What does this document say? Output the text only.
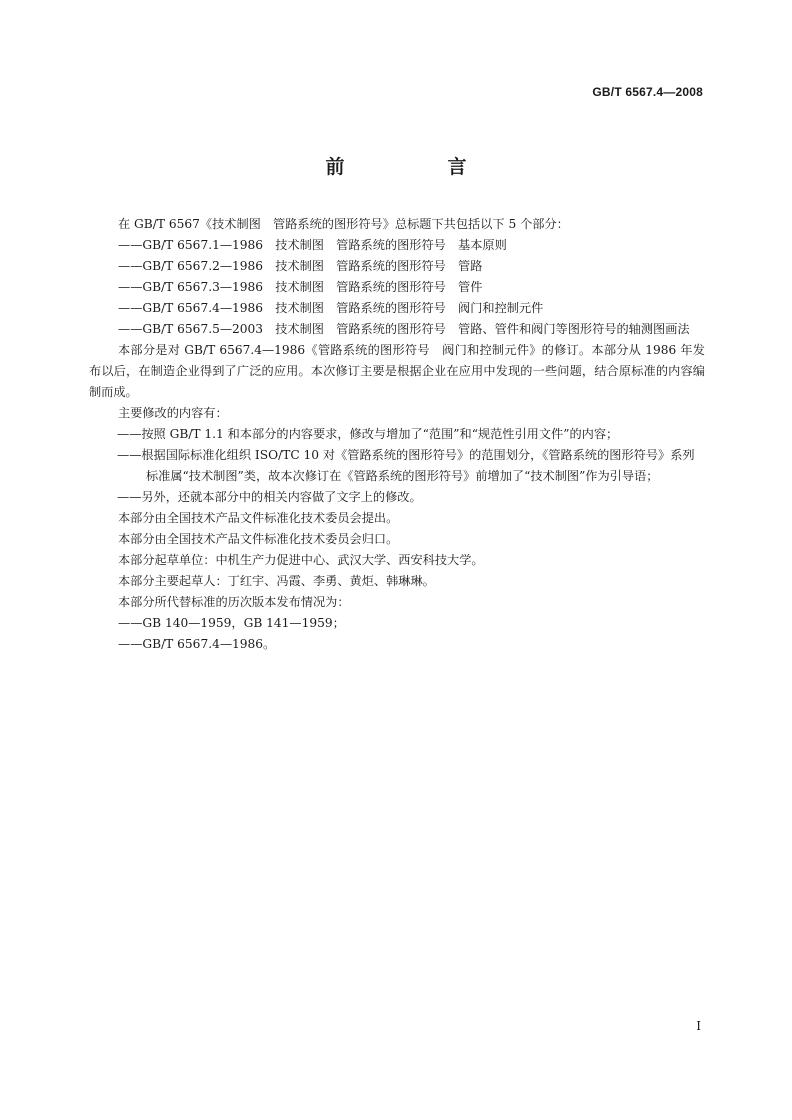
GB/T 6567.4—2008
前　言

在 GB/T 6567《技术制图　管路系统的图形符号》总标题下共包括以下 5 个部分：

——GB/T 6567.1—1986　技术制图　管路系统的图形符号　基本原则

——GB/T 6567.2—1986　技术制图　管路系统的图形符号　管路

——GB/T 6567.3—1986　技术制图　管路系统的图形符号　管件

——GB/T 6567.4—1986　技术制图　管路系统的图形符号　阀门和控制元件

——GB/T 6567.5—2003　技术制图　管路系统的图形符号　管路、管件和阀门等图形符号的轴测图画法

本部分是对 GB/T 6567.4—1986《管路系统的图形符号　阀门和控制元件》的修订。本部分从 1986 年发布以后，在制造企业得到了广泛的应用。本次修订主要是根据企业在应用中发现的一些问题，结合原标准的内容编制而成。

主要修改的内容有：

——按照 GB/T 1.1 和本部分的内容要求，修改与增加了“范围”和“规范性引用文件”的内容；

——根据国际标准化组织 ISO/TC 10 对《管路系统的图形符号》的范围划分，《管路系统的图形符号》系列标准属“技术制图”类，故本次修订在《管路系统的图形符号》前增加了“技术制图”作为引导语；

——另外，还就本部分中的相关内容做了文字上的修改。

本部分由全国技术产品文件标准化技术委员会提出。

本部分由全国技术产品文件标准化技术委员会归口。

本部分起草单位：中机生产力促进中心、武汉大学、西安科技大学。

本部分主要起草人：丁红宇、冯霞、李勇、黄炬、韩琳琳。

本部分所代替标准的历次版本发布情况为：

——GB 140—1959，GB 141—1959；

——GB/T 6567.4—1986。

I
